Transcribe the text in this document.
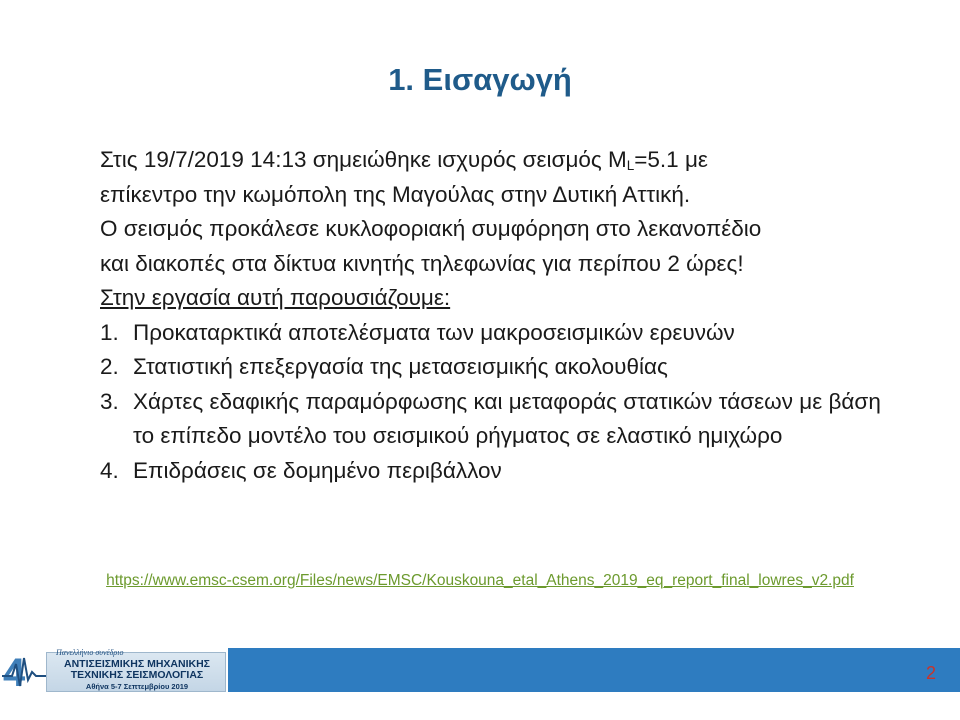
1. Εισαγωγή

Στις 19/7/2019 14:13 σημειώθηκε ισχυρός σεισμός $M_L=5.1$ με

επίκεντρο την κωμόπολη της Μαγούλας στην Δυτική Αττική.

Ο σεισμός προκάλεσε κυκλοφοριακή συμφόρηση στο λεκανοπέδιο

και διακοπές στα δίκτυα κινητής τηλεφωνίας για περίπου 2 ώρες!

Στην εργασία αυτή παρουσιάζουμε:

1. Προκαταρκτικά αποτελέσματα των μακροσεισμικών ερευνών
2. Στατιστική επεξεργασία της μετασεισμικής ακολουθίας
3. Χάρτες εδαφικής παραμόρφωσης και μεταφοράς στατικών τάσεων με βάση το επίπεδο μοντέλο του σεισμικού ρήγματος σε ελαστικό ημιχώρο
4. Επιδράσεις σε δομημένο περιβάλλον
https://www.emsc-csem.org/Files/news/EMSC/Kouskouna_etal_Athens_2019_eq_report_final_lowres_v2.pdf
2
4	Πανελλήνιο συνέδριο
ΑΝΤΙΣΕΙΣΜΙΚΗΣ ΜΗΧΑΝΙΚΗΣ
ΤΕΧΝΙΚΗΣ ΣΕΙΣΜΟΛΟΓΙΑΣ
Αθήνα 5-7 Σεπτεμβρίου 2019
